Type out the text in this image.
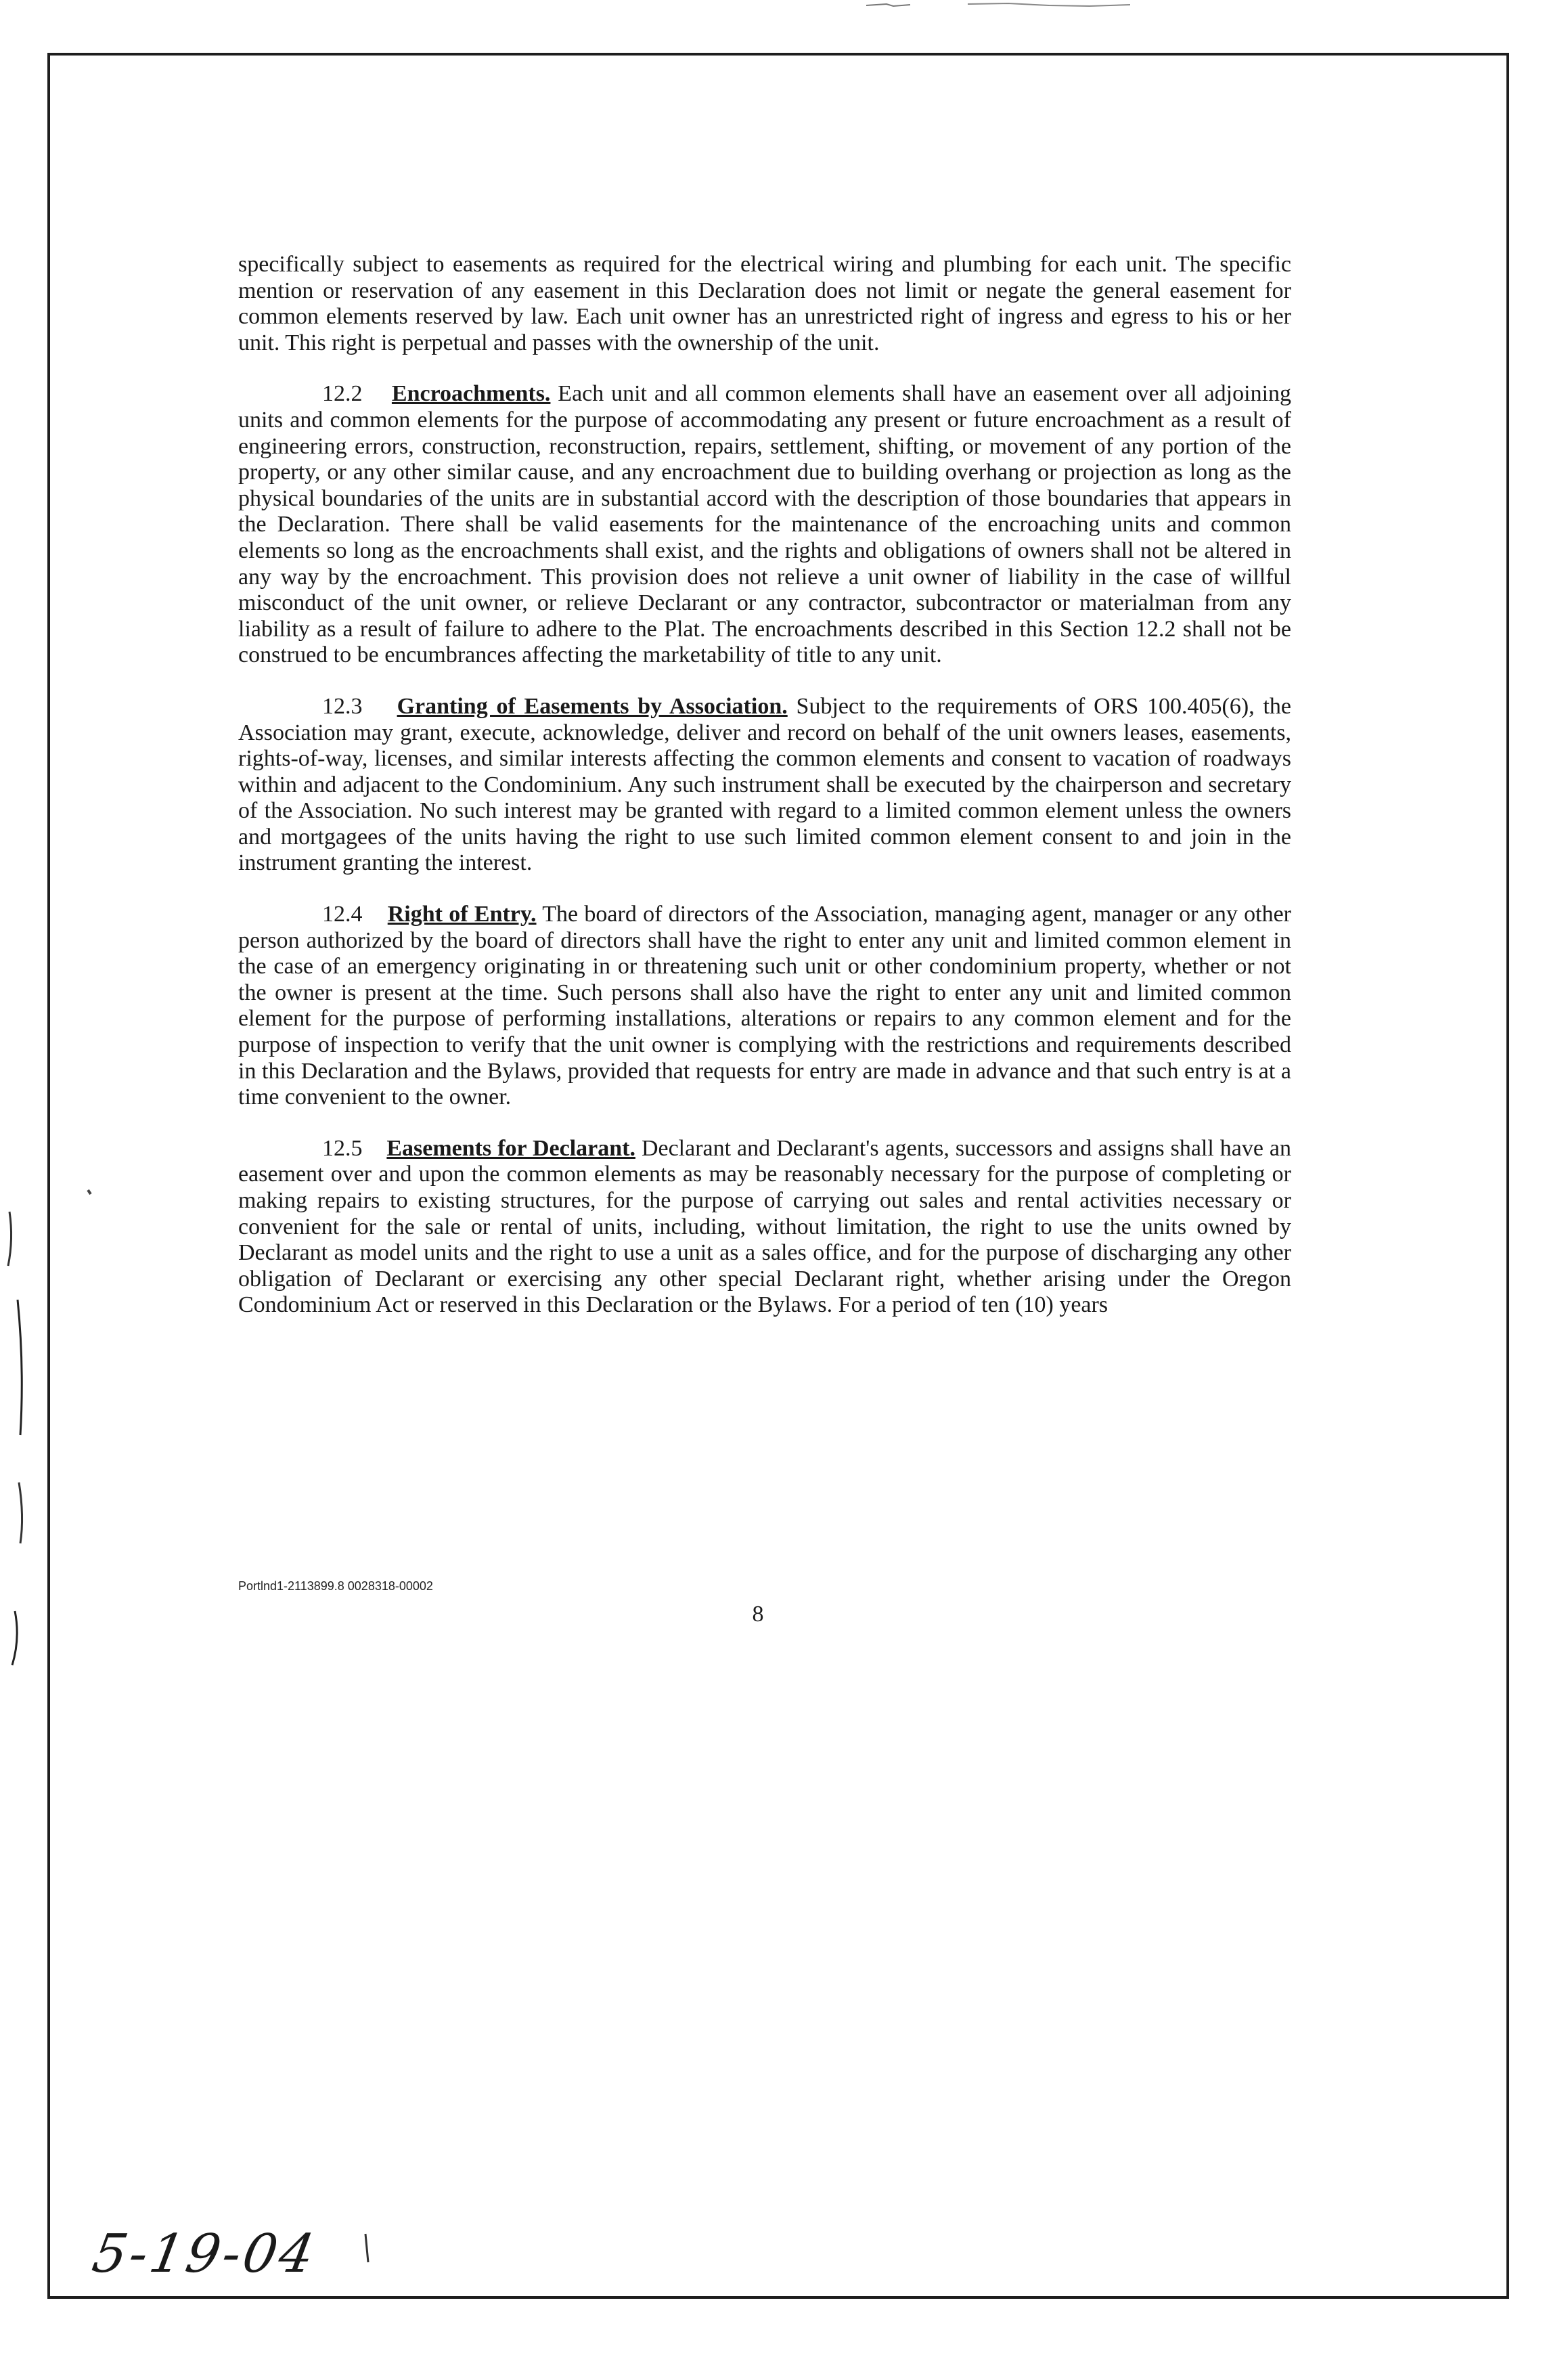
specifically subject to easements as required for the electrical wiring and plumbing for each unit. The specific mention or reservation of any easement in this Declaration does not limit or negate the general easement for common elements reserved by law. Each unit owner has an unrestricted right of ingress and egress to his or her unit. This right is perpetual and passes with the ownership of the unit.

12.2 Encroachments. Each unit and all common elements shall have an easement over all adjoining units and common elements for the purpose of accommodating any present or future encroachment as a result of engineering errors, construction, reconstruction, repairs, settlement, shifting, or movement of any portion of the property, or any other similar cause, and any encroachment due to building overhang or projection as long as the physical boundaries of the units are in substantial accord with the description of those boundaries that appears in the Declaration. There shall be valid easements for the maintenance of the encroaching units and common elements so long as the encroachments shall exist, and the rights and obligations of owners shall not be altered in any way by the encroachment. This provision does not relieve a unit owner of liability in the case of willful misconduct of the unit owner, or relieve Declarant or any contractor, subcontractor or materialman from any liability as a result of failure to adhere to the Plat. The encroachments described in this Section 12.2 shall not be construed to be encumbrances affecting the marketability of title to any unit.

12.3 Granting of Easements by Association. Subject to the requirements of ORS 100.405(6), the Association may grant, execute, acknowledge, deliver and record on behalf of the unit owners leases, easements, rights-of-way, licenses, and similar interests affecting the common elements and consent to vacation of roadways within and adjacent to the Condominium. Any such instrument shall be executed by the chairperson and secretary of the Association. No such interest may be granted with regard to a limited common element unless the owners and mortgagees of the units having the right to use such limited common element consent to and join in the instrument granting the interest.

12.4 Right of Entry. The board of directors of the Association, managing agent, manager or any other person authorized by the board of directors shall have the right to enter any unit and limited common element in the case of an emergency originating in or threatening such unit or other condominium property, whether or not the owner is present at the time. Such persons shall also have the right to enter any unit and limited common element for the purpose of performing installations, alterations or repairs to any common element and for the purpose of inspection to verify that the unit owner is complying with the restrictions and requirements described in this Declaration and the Bylaws, provided that requests for entry are made in advance and that such entry is at a time convenient to the owner.

12.5 Easements for Declarant. Declarant and Declarant's agents, successors and assigns shall have an easement over and upon the common elements as may be reasonably necessary for the purpose of completing or making repairs to existing structures, for the purpose of carrying out sales and rental activities necessary or convenient for the sale or rental of units, including, without limitation, the right to use the units owned by Declarant as model units and the right to use a unit as a sales office, and for the purpose of discharging any other obligation of Declarant or exercising any other special Declarant right, whether arising under the Oregon Condominium Act or reserved in this Declaration or the Bylaws. For a period of ten (10) years

Portlnd1-2113899.8 0028318-00002
8
5-19-04
